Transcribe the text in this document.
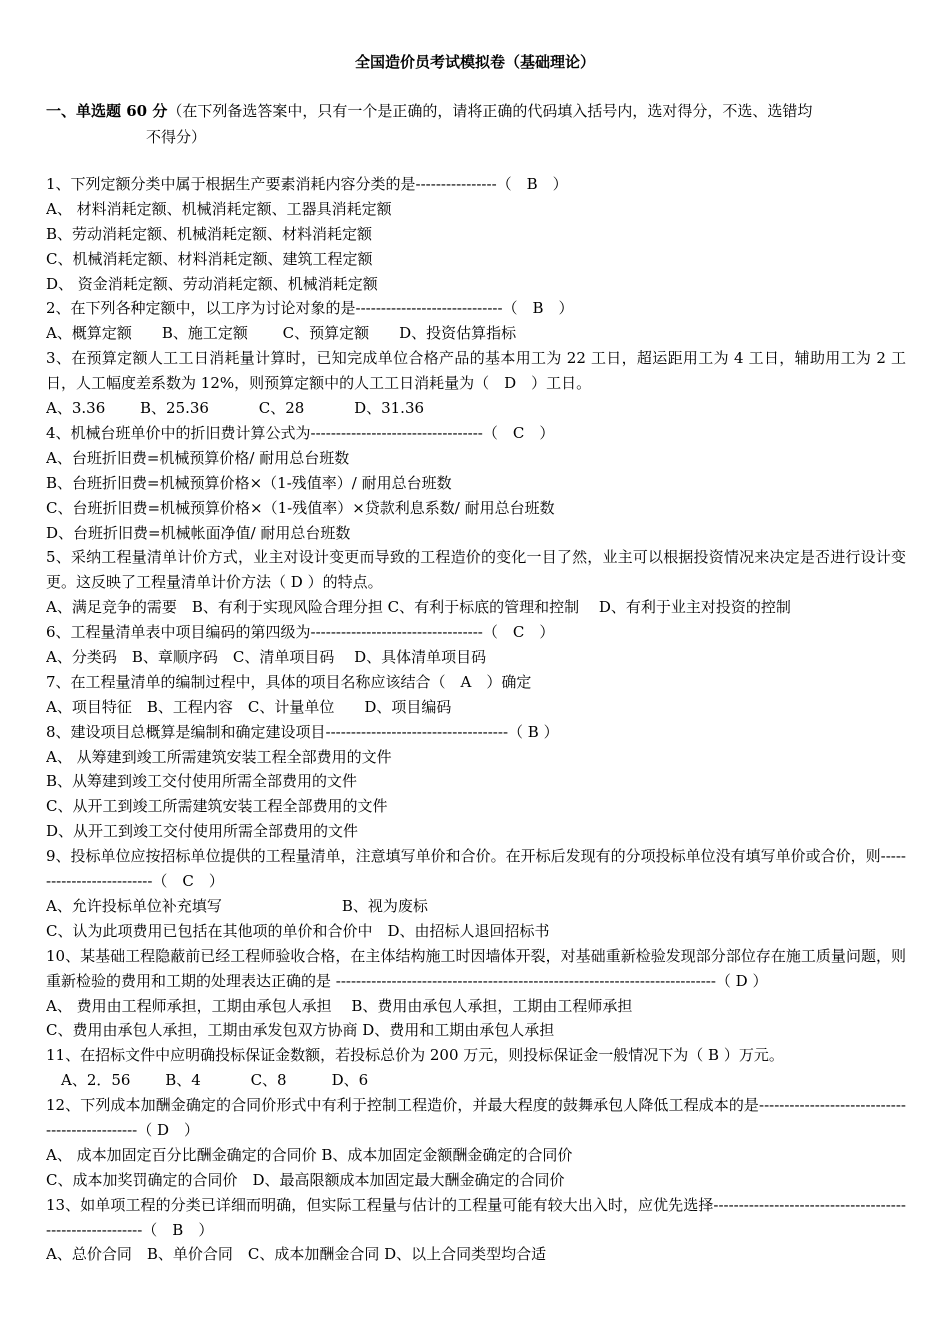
全国造价员考试模拟卷（基础理论）
一、单选题 60 分（在下列备选答案中，只有一个是正确的，请将正确的代码填入括号内，选对得分，不选、选错均
不得分）
1、下列定额分类中属于根据生产要素消耗内容分类的是----------------（　B　）
A、 材料消耗定额、机械消耗定额、工器具消耗定额
B、劳动消耗定额、机械消耗定额、材料消耗定额
C、机械消耗定额、材料消耗定额、建筑工程定额
D、 资金消耗定额、劳动消耗定额、机械消耗定额
2、在下列各种定额中，以工序为讨论对象的是-----------------------------（　B　）
A、概算定额　　B、施工定额　　 C、预算定额　　D、投资估算指标
3、在预算定额人工工日消耗量计算时，已知完成单位合格产品的基本用工为 22 工日，超运距用工为 4 工日，辅助用工为 2 工日，人工幅度差系数为 12%，则预算定额中的人工工日消耗量为（　D　）工日。
A、3.36　　 B、25.36　　　 C、28　　　 D、31.36
4、机械台班单价中的折旧费计算公式为----------------------------------（　C　）
A、台班折旧费=机械预算价格/ 耐用总台班数
B、台班折旧费=机械预算价格×（1-残值率）/ 耐用总台班数
C、台班折旧费=机械预算价格×（1-残值率）×贷款利息系数/ 耐用总台班数
D、台班折旧费=机械帐面净值/ 耐用总台班数
5、采纳工程量清单计价方式，业主对设计变更而导致的工程造价的变化一目了然，业主可以根据投资情况来决定是否进行设计变更。这反映了工程量清单计价方法（ D ）的特点。
A、满足竞争的需要　B、有利于实现风险合理分担 C、有利于标底的管理和控制　 D、有利于业主对投资的控制
6、工程量清单表中项目编码的第四级为----------------------------------（　C　）
A、分类码　B、章顺序码　C、清单项目码　 D、具体清单项目码
7、在工程量清单的编制过程中，具体的项目名称应该结合（　A　）确定
A、项目特征　B、工程内容　C、计量单位　　D、项目编码
8、建设项目总概算是编制和确定建设项目------------------------------------（ B ）
A、 从筹建到竣工所需建筑安装工程全部费用的文件
B、从筹建到竣工交付使用所需全部费用的文件
C、从开工到竣工所需建筑安装工程全部费用的文件
D、从开工到竣工交付使用所需全部费用的文件
9、投标单位应按招标单位提供的工程量清单，注意填写单价和合价。在开标后发现有的分项投标单位没有填写单价或合价，则--------------------------（　C　）
A、允许投标单位补充填写　　　　　　　　B、视为废标
C、认为此项费用已包括在其他项的单价和合价中　D、由招标人退回招标书
10、某基础工程隐蔽前已经工程师验收合格，在主体结构施工时因墙体开裂，对基础重新检验发现部分部位存在施工质量问题，则重新检验的费用和工期的处理表达正确的是 ---------------------------------------------------------------------------（ D ）
A、 费用由工程师承担，工期由承包人承担　 B、费用由承包人承担，工期由工程师承担
C、费用由承包人承担，工期由承发包双方协商 D、费用和工期由承包人承担
11、在招标文件中应明确投标保证金数额，若投标总价为 200 万元，则投标保证金一般情况下为（ B ）万元。
　A、2．56　　 B、4　　　 C、8　　　D、6
12、下列成本加酬金确定的合同价形式中有利于控制工程造价，并最大程度的鼓舞承包人降低工程成本的是-----------------------------------------------（ D　）
A、 成本加固定百分比酬金确定的合同价 B、成本加固定金额酬金确定的合同价
C、成本加奖罚确定的合同价　D、最高限额成本加固定最大酬金确定的合同价
13、如单项工程的分类已详细而明确，但实际工程量与估计的工程量可能有较大出入时，应优先选择---------------------------------------------------------（　B　）
A、总价合同　B、单价合同　C、成本加酬金合同 D、以上合同类型均合适
